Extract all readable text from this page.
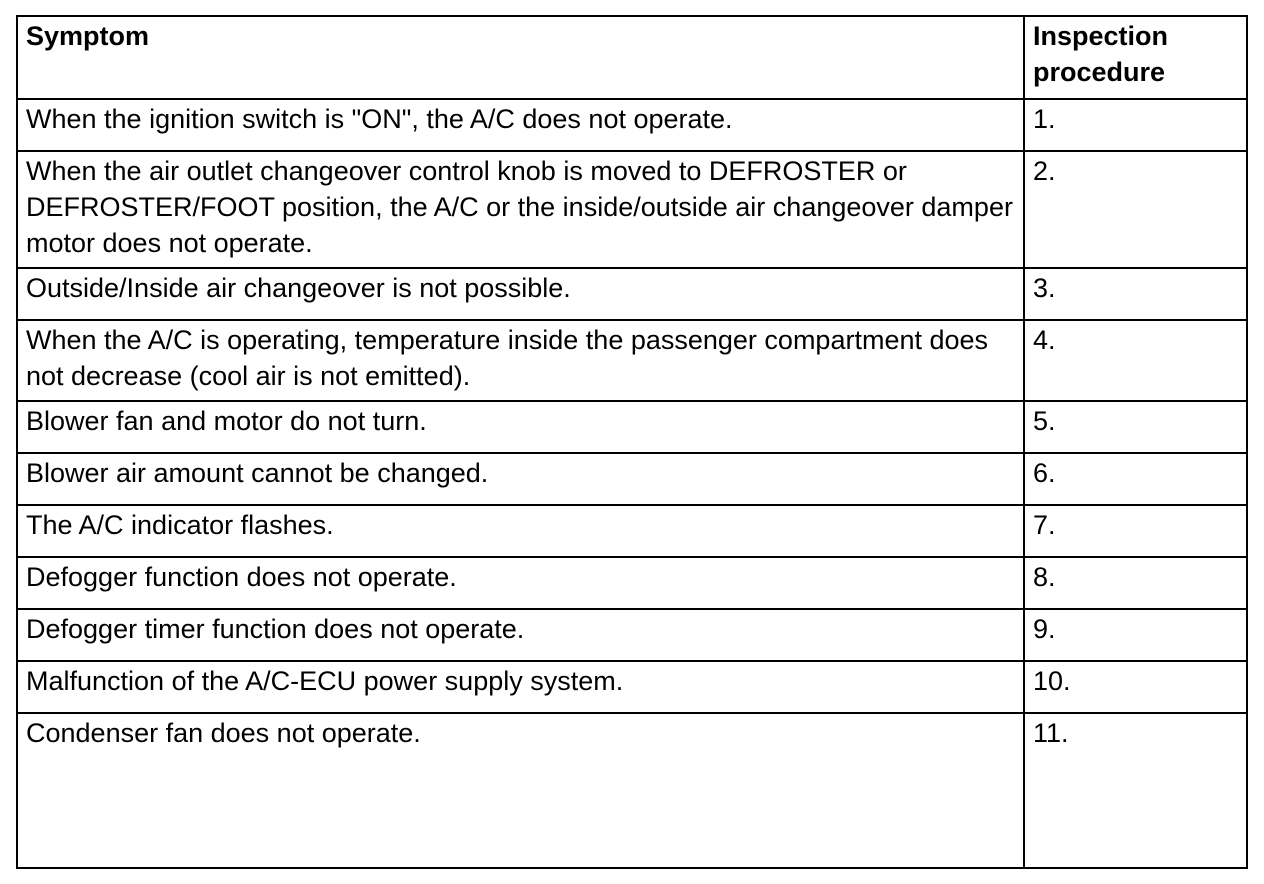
Symptom	Inspection procedure
When the ignition switch is "ON", the A/C does not operate.	1.
When the air outlet changeover control knob is moved to DEFROSTER or DEFROSTER/FOOT position, the A/C or the inside/outside air changeover damper motor does not operate.	2.
Outside/Inside air changeover is not possible.	3.
When the A/C is operating, temperature inside the passenger compartment does not decrease (cool air is not emitted).	4.
Blower fan and motor do not turn.	5.
Blower air amount cannot be changed.	6.
The A/C indicator flashes.	7.
Defogger function does not operate.	8.
Defogger timer function does not operate.	9.
Malfunction of the A/C-ECU power supply system.	10.
Condenser fan does not operate.	11.
